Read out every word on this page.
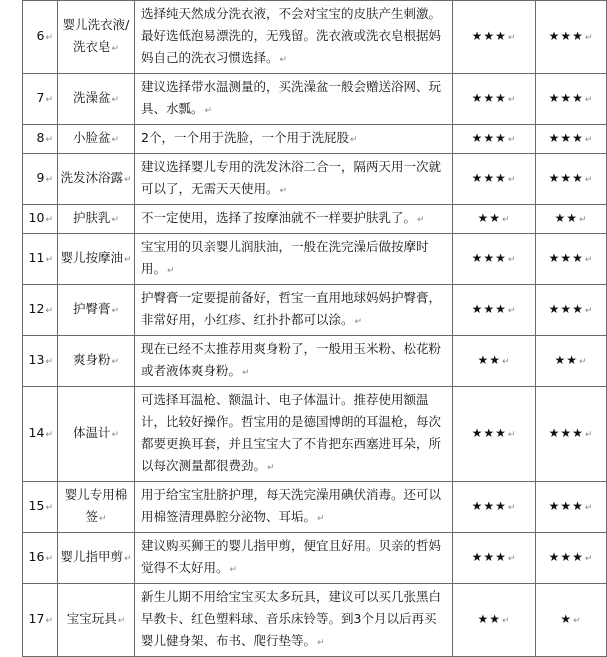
6↵	婴儿洗衣液/洗衣皂↵	选择纯天然成分洗衣液，不会对宝宝的皮肤产生刺激。最好选低泡易漂洗的，无残留。洗衣液或洗衣皂根据妈妈自己的洗衣习惯选择。↵	★★★↵	★★★↵
7↵	洗澡盆↵	建议选择带水温测量的，买洗澡盆一般会赠送浴网、玩具、水瓢。↵	★★★↵	★★★↵
8↵	小脸盆↵	2个，一个用于洗脸，一个用于洗屁股↵	★★★↵	★★★↵
9↵	洗发沐浴露↵	建议选择婴儿专用的洗发沐浴二合一，隔两天用一次就可以了，无需天天使用。↵	★★★↵	★★★↵
10↵	护肤乳↵	不一定使用，选择了按摩油就不一样要护肤乳了。↵	★★↵	★★↵
11↵	婴儿按摩油↵	宝宝用的贝亲婴儿润肤油，一般在洗完澡后做按摩时用。↵	★★★↵	★★★↵
12↵	护臀膏↵	护臀膏一定要提前备好，哲宝一直用地球妈妈护臀膏，非常好用，小红疹、红扑扑都可以涂。↵	★★★↵	★★★↵
13↵	爽身粉↵	现在已经不太推荐用爽身粉了，一般用玉米粉、松花粉或者液体爽身粉。↵	★★↵	★★↵
14↵	体温计↵	可选择耳温枪、额温计、电子体温计。推荐使用额温计，比较好操作。哲宝用的是德国博朗的耳温枪，每次都要更换耳套，并且宝宝大了不肯把东西塞进耳朵，所以每次测量都很费劲。↵	★★★↵	★★★↵
15↵	婴儿专用棉签↵	用于给宝宝肚脐护理，每天洗完澡用碘伏消毒。还可以用棉签清理鼻腔分泌物、耳垢。↵	★★★↵	★★★↵
16↵	婴儿指甲剪↵	建议购买狮王的婴儿指甲剪，便宜且好用。贝亲的哲妈觉得不太好用。↵	★★★↵	★★★↵
17↵	宝宝玩具↵	新生儿期不用给宝宝买太多玩具，建议可以买几张黑白早教卡、红色塑料球、音乐床铃等。到3个月以后再买婴儿健身架、布书、爬行垫等。↵	★★↵	★↵
